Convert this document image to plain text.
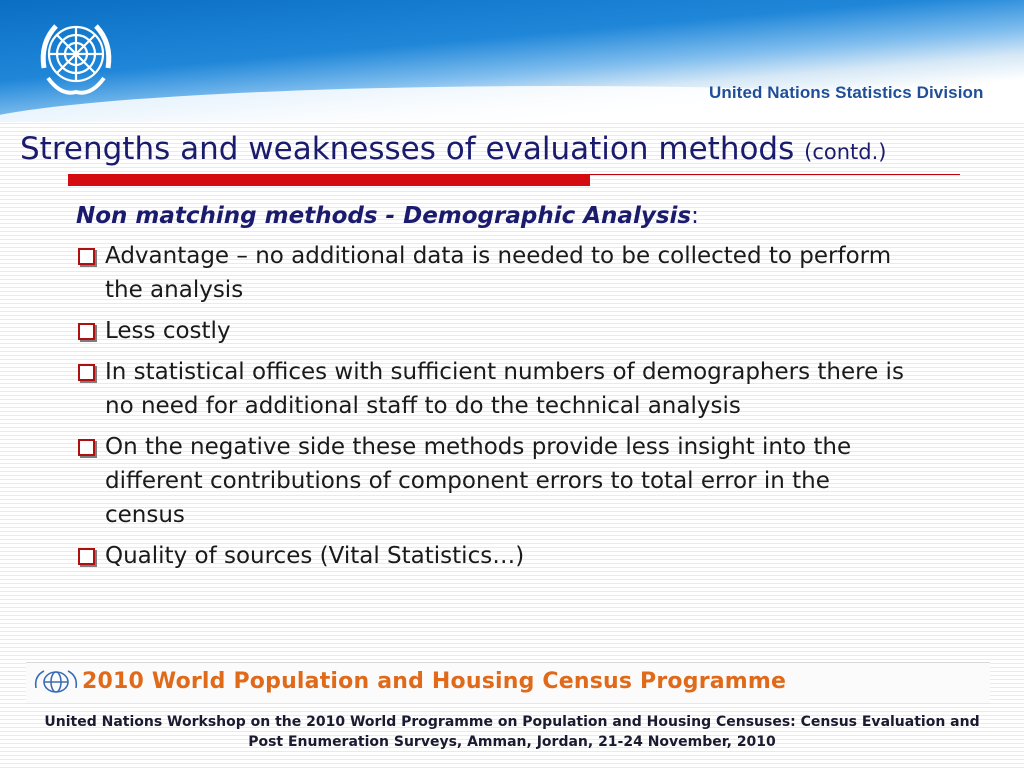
United Nations Statistics Division
Strengths and weaknesses of evaluation methods (contd.)
Non matching methods - Demographic Analysis:
Advantage – no additional data is needed to be collected to perform the analysis
Less costly
In statistical offices with sufficient numbers of demographers there is no need for additional staff to do the technical analysis
On the negative side these methods provide less insight into the different contributions of component errors to total error in the census
Quality of sources (Vital Statistics…)
2010 World Population and Housing Census Programme
United Nations Workshop on the 2010 World Programme on Population and Housing Censuses: Census Evaluation and Post Enumeration Surveys, Amman, Jordan, 21-24 November, 2010
